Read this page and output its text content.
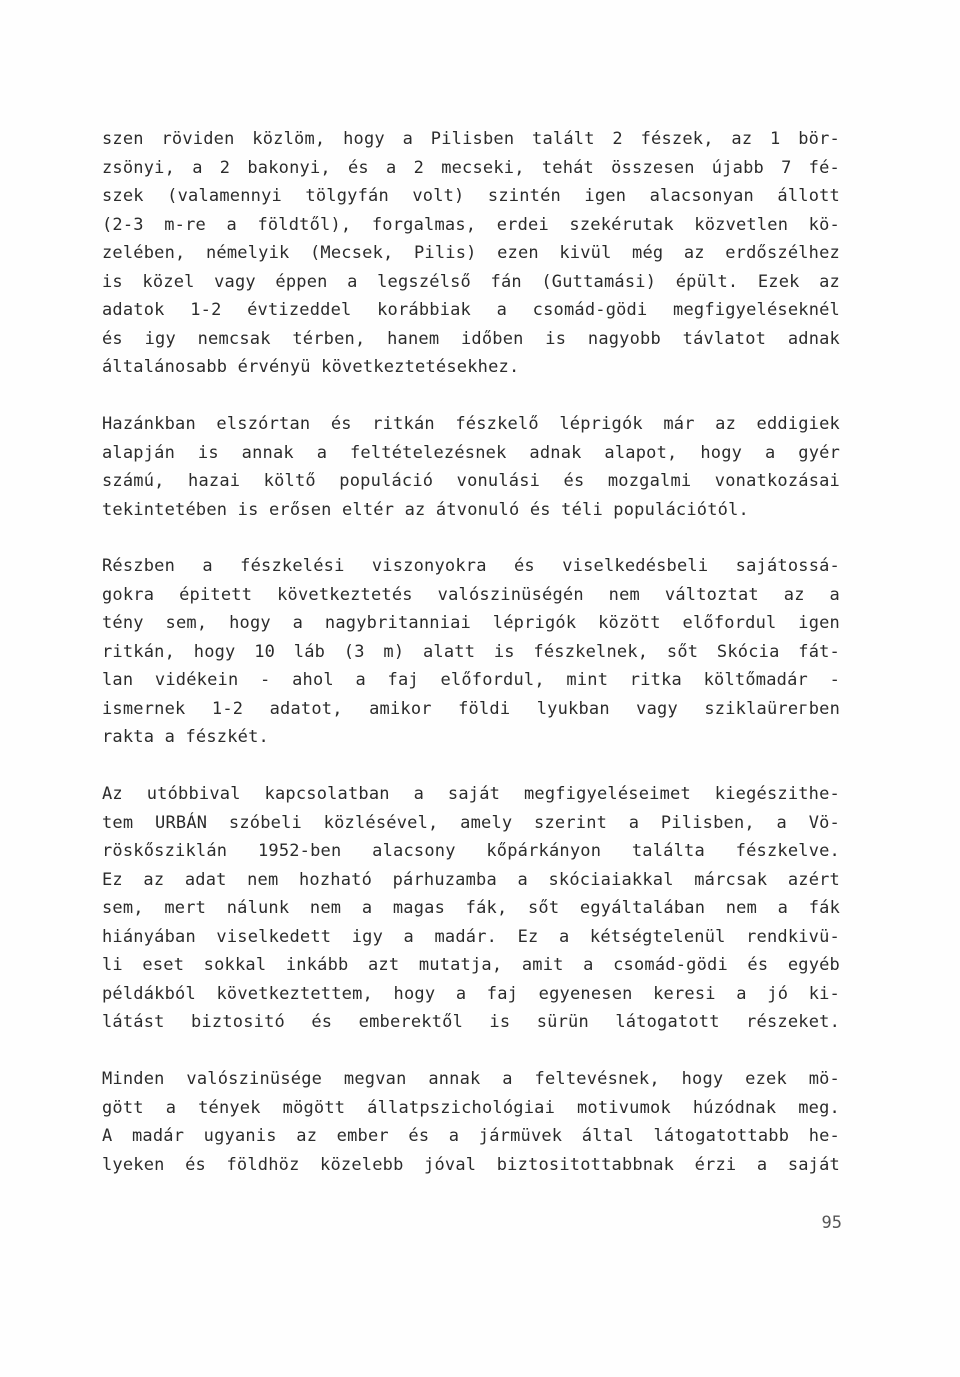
szen röviden közlöm, hogy a Pilisben talált 2 fészek, az 1 bör-
zsönyi, a 2 bakonyi, és a 2 mecseki, tehát összesen újabb 7 fé-
szek (valamennyi tölgyfán volt) szintén igen alacsonyan állott
(2-3 m-re a földtől), forgalmas, erdei szekérutak közvetlen kö-
zelében, némelyik (Mecsek, Pilis) ezen kivül még az erdőszélhez
is közel vagy éppen a legszélső fán (Guttamási) épült. Ezek az
adatok 1-2 évtizeddel korábbiak a csomád-gödi megfigyeléseknél
és igy nemcsak térben, hanem időben is nagyobb távlatot adnak
általánosabb érvényü következtetésekhez.
Hazánkban elszórtan és ritkán fészkelő léprigók már az eddigiek
alapján is annak a feltételezésnek adnak alapot, hogy a gyér
számú, hazai költő populáció vonulási és mozgalmi vonatkozásai
tekintetében is erősen eltér az átvonuló és téli populációtól.
Részben a fészkelési viszonyokra és viselkedésbeli sajátossá-
gokra épitett következtetés valószinüségén nem változtat az a
tény sem, hogy a nagybritanniai léprigók között előfordul igen
ritkán, hogy 10 láb (3 m) alatt is fészkelnek, sőt Skócia fát-
lan vidékein - ahol a faj előfordul, mint ritka költőmadár -
ismernek 1-2 adatot, amikor földi lyukban vagy sziklaürегben
rakta a fészkét.
Az utóbbival kapcsolatban a saját megfigyeléseimet kiegészithe-
tem URBÁN szóbeli közlésével, amely szerint a Pilisben, a Vö-
röskősziklán 1952-ben alacsony kőpárkányon találta fészkelve.
Ez az adat nem hozható párhuzamba a skóciaiakkal márcsak azért
sem, mert nálunk nem a magas fák, sőt egyáltalában nem a fák
hiányában viselkedett igy a madár. Ez a kétségtelenül rendkivü-
li eset sokkal inkább azt mutatja, amit a csomád-gödi és egyéb
példákból következtettem, hogy a faj egyenesen keresi a jó ki-
látást biztositó és emberektől is sürün látogatott részeket.
Minden valószinüsége megvan annak a feltevésnek, hogy ezek mö-
gött a tények mögött állatpszichológiai motivumok húzódnak meg.
A madár ugyanis az ember és a jármüvek által látogatottabb he-
lyeken és földhöz közelebb jóval biztositottabbnak érzi a saját
95
